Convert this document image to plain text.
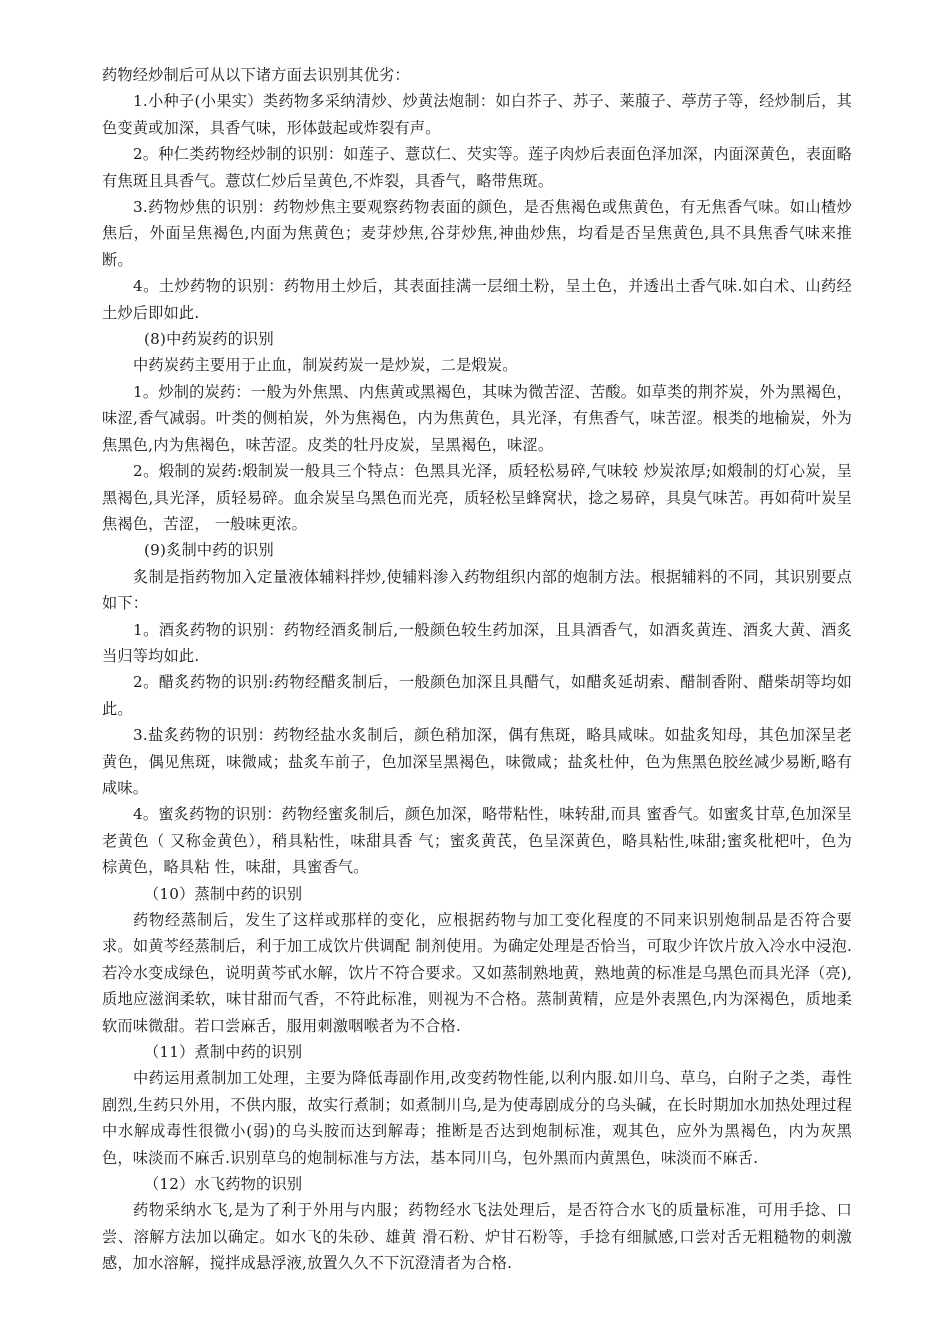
药物经炒制后可从以下诸方面去识别其优劣：

1.小种子(小果实）类药物多采纳清炒、炒黄法炮制：如白芥子、苏子、莱菔子、葶苈子等，经炒制后，其色变黄或加深，具香气味，形体鼓起或炸裂有声。

2。种仁类药物经炒制的识别：如莲子、薏苡仁、芡实等。莲子肉炒后表面色泽加深，内面深黄色，表面略有焦斑且具香气。薏苡仁炒后呈黄色,不炸裂，具香气，略带焦斑。

3.药物炒焦的识别：药物炒焦主要观察药物表面的颜色，是否焦褐色或焦黄色，有无焦香气味。如山楂炒焦后，外面呈焦褐色,内面为焦黄色；麦芽炒焦,谷芽炒焦,神曲炒焦，均看是否呈焦黄色,具不具焦香气味来推断。

4。土炒药物的识别：药物用土炒后，其表面挂满一层细土粉，呈土色，并透出土香气味.如白术、山药经土炒后即如此.

(8)中药炭药的识别

中药炭药主要用于止血，制炭药炭一是炒炭，二是煅炭。

1。炒制的炭药：一般为外焦黑、内焦黄或黑褐色，其味为微苦涩、苦酸。如草类的荆芥炭，外为黑褐色，味涩,香气减弱。叶类的侧柏炭，外为焦褐色，内为焦黄色，具光泽，有焦香气，味苦涩。根类的地榆炭，外为焦黑色,内为焦褐色，味苦涩。皮类的牡丹皮炭，呈黑褐色，味涩。

2。煅制的炭药:煅制炭一般具三个特点：色黑具光泽，质轻松易碎,气味较 炒炭浓厚;如煅制的灯心炭，呈黑褐色,具光泽，质轻易碎。血余炭呈乌黑色而光亮，质轻松呈蜂窝状，捻之易碎，具臭气味苦。再如荷叶炭呈焦褐色，苦涩， 一般味更浓。

(9)炙制中药的识别

炙制是指药物加入定量液体辅料拌炒,使辅料渗入药物组织内部的炮制方法。根据辅料的不同，其识别要点如下：

1。酒炙药物的识别：药物经酒炙制后,一般颜色较生药加深，且具酒香气，如酒炙黄连、酒炙大黄、酒炙当归等均如此.

2。醋炙药物的识别:药物经醋炙制后，一般颜色加深且具醋气，如醋炙延胡索、醋制香附、醋柴胡等均如此。

3.盐炙药物的识别：药物经盐水炙制后，颜色稍加深，偶有焦斑，略具咸味。如盐炙知母，其色加深呈老黄色，偶见焦斑，味微咸；盐炙车前子，色加深呈黑褐色，味微咸；盐炙杜仲，色为焦黑色胶丝减少易断,略有咸味。

4。蜜炙药物的识别：药物经蜜炙制后，颜色加深，略带粘性，味转甜,而具 蜜香气。如蜜炙甘草,色加深呈老黄色（ 又称金黄色），稍具粘性，味甜具香 气；蜜炙黄芪，色呈深黄色，略具粘性,味甜;蜜炙枇杷叶，色为棕黄色，略具粘 性，味甜，具蜜香气。

（10）蒸制中药的识别

药物经蒸制后，发生了这样或那样的变化，应根据药物与加工变化程度的不同来识别炮制品是否符合要求。如黄芩经蒸制后，利于加工成饮片供调配 制剂使用。为确定处理是否恰当，可取少许饮片放入冷水中浸泡.若冷水变成绿色，说明黄芩甙水解，饮片不符合要求。又如蒸制熟地黄，熟地黄的标准是乌黑色而具光泽（亮),质地应滋润柔软，味甘甜而气香，不符此标准，则视为不合格。蒸制黄精，应是外表黑色,内为深褐色，质地柔软而味微甜。若口尝麻舌，服用刺激咽喉者为不合格.

（11）煮制中药的识别

中药运用煮制加工处理，主要为降低毒副作用,改变药物性能,以利内服.如川乌、草乌，白附子之类，毒性剧烈,生药只外用，不供内服，故实行煮制；如煮制川乌,是为使毒剧成分的乌头碱，在长时期加水加热处理过程中水解成毒性很微小(弱)的乌头胺而达到解毒；推断是否达到炮制标准，观其色，应外为黑褐色，内为灰黑色，味淡而不麻舌.识别草乌的炮制标准与方法，基本同川乌，包外黑而内黄黑色，味淡而不麻舌.

（12）水飞药物的识别

药物采纳水飞,是为了利于外用与内服；药物经水飞法处理后，是否符合水飞的质量标准，可用手捻、口尝、溶解方法加以确定。如水飞的朱砂、雄黄 滑石粉、炉甘石粉等，手捻有细腻感,口尝对舌无粗糙物的刺激感，加水溶解，搅拌成悬浮液,放置久久不下沉澄清者为合格.
